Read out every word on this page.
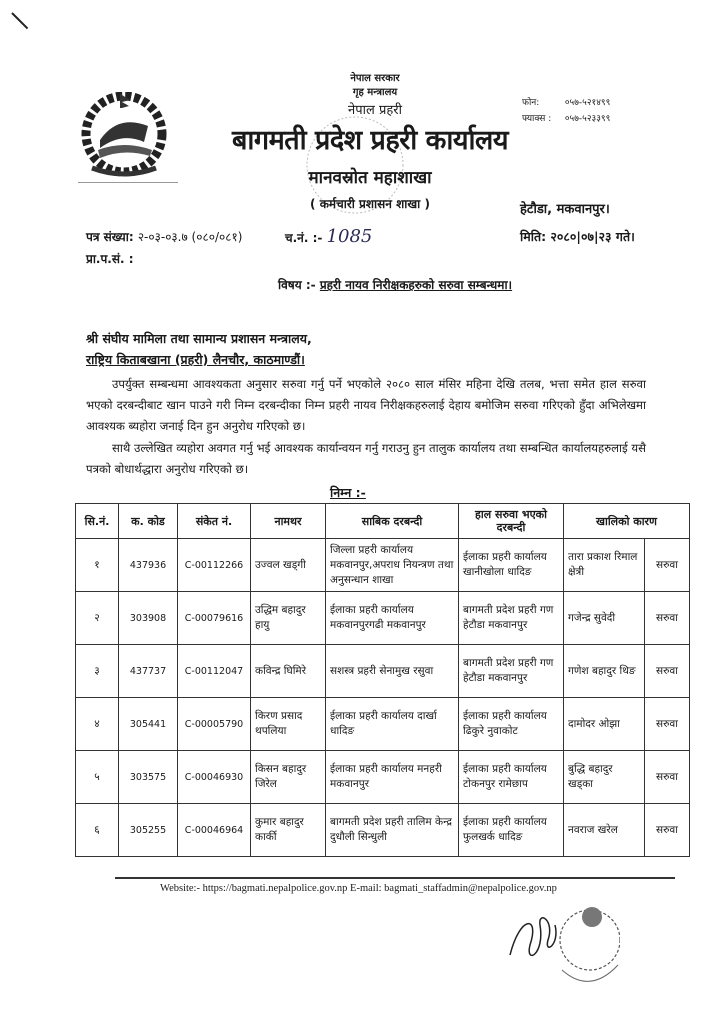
नेपाल सरकार
गृह मन्त्रालय
नेपाल प्रहरी
बागमती प्रदेश प्रहरी कार्यालय
मानवस्रोत महाशाखा
( कर्मचारी प्रशासन शाखा )
फोन:	०५७-५२१४९९
फ्याक्स : ०५७-५२३३९९
हेटौडा, मकवानपुर।
पत्र संख्या: २-०३-०३.७ (०८०/०८१)	च.नं. :- 1085	मिति: २०८०|०७|२३ गते।
प्रा.प.सं. :
विषय :- प्रहरी नायव निरीक्षकहरुको सरुवा सम्बन्धमा।
श्री संघीय मामिला तथा सामान्य प्रशासन मन्त्रालय,
राष्ट्रिय किताबखाना (प्रहरी) लैनचौर, काठमाण्डौं।
उपर्युक्त सम्बन्धमा आवश्यकता अनुसार सरुवा गर्नु पर्ने भएकोले २०८० साल मंसिर महिना देखि तलब, भत्ता समेत हाल सरुवा भएको दरबन्दीबाट खान पाउने गरी निम्न दरबन्दीका निम्न प्रहरी नायव निरीक्षकहरुलाई देहाय बमोजिम सरुवा गरिएको हुँदा अभिलेखमा आवश्यक ब्यहोरा जनाई दिन हुन अनुरोध गरिएको छ।
साथै उल्लेखित व्यहोरा अवगत गर्नु भई आवश्यक कार्यान्वयन गर्नु गराउनु हुन तालुक कार्यालय तथा सम्बन्धित कार्यालयहरुलाई यसै पत्रको बोधार्थद्धारा अनुरोध गरिएको छ।
निम्न :-
सि.नं.	क. कोड	संकेत नं.	नामथर	साबिक दरबन्दी	हाल सरुवा भएको दरबन्दी	खालिको कारण	
१	437936	C-00112266	उज्वल खड्गी	जिल्ला प्रहरी कार्यालय मकवानपुर,अपराध नियन्त्रण तथा अनुसन्धान शाखा	ईलाका प्रहरी कार्यालय खानीखोला धादिङ	तारा प्रकाश रिमाल क्षेत्री	सरुवा
२	303908	C-00079616	उद्धिम बहादुर हायु	ईलाका प्रहरी कार्यालय मकवानपुरगढी मकवानपुर	बागमती प्रदेश प्रहरी गण हेटौडा मकवानपुर	गजेन्द्र सुवेदी	सरुवा
३	437737	C-00112047	कविन्द्र घिमिरे	सशस्त्र प्रहरी सेनामुख रसुवा	बागमती प्रदेश प्रहरी गण हेटौडा मकवानपुर	गणेश बहादुर थिङ	सरुवा
४	305441	C-00005790	किरण प्रसाद थपलिया	ईलाका प्रहरी कार्यालय दार्खा धादिङ	ईलाका प्रहरी कार्यालय ढिकुरे नुवाकोट	दामोदर ओझा	सरुवा
५	303575	C-00046930	किसन बहादुर जिरेल	ईलाका प्रहरी कार्यालय मनहरी मकवानपुर	ईलाका प्रहरी कार्यालय टोकनपुर रामेछाप	बुद्धि बहादुर खड्का	सरुवा
६	305255	C-00046964	कुमार बहादुर कार्की	बागमती प्रदेश प्रहरी तालिम केन्द्र दुधौली सिन्धुली	ईलाका प्रहरी कार्यालय फुलखर्क धादिङ	नवराज खरेल	सरुवा
Website:- https://bagmati.nepalpolice.gov.np E-mail: bagmati_staffadmin@nepalpolice.gov.np
